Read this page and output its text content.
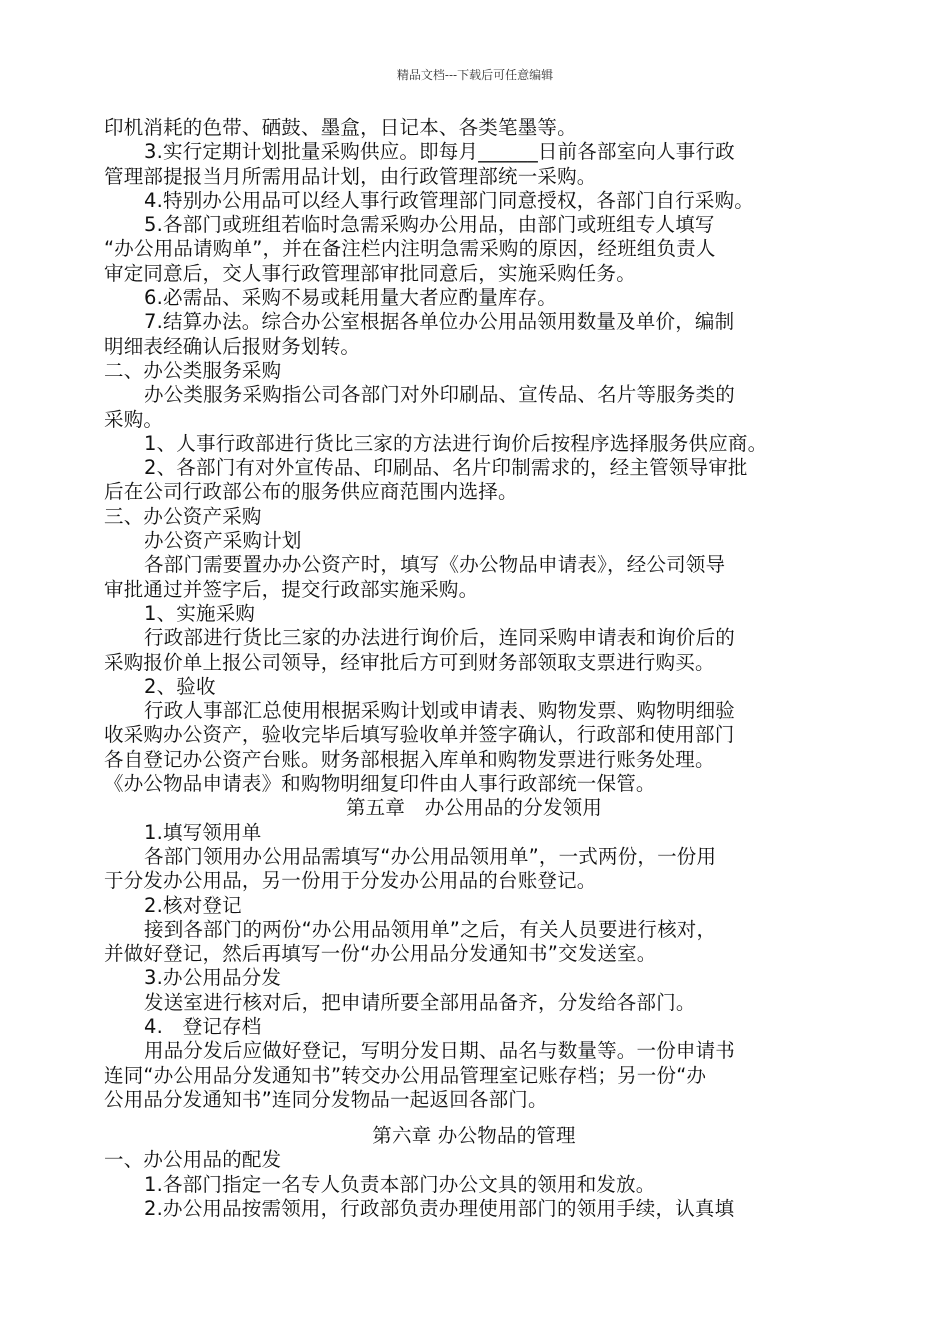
精品文档---下载后可任意编辑
印机消耗的色带、硒鼓、墨盒，日记本、各类笔墨等。
3.实行定期计划批量采购供应。即每月______日前各部室向人事行政
管理部提报当月所需用品计划，由行政管理部统一采购。
4.特别办公用品可以经人事行政管理部门同意授权，各部门自行采购。
5.各部门或班组若临时急需采购办公用品，由部门或班组专人填写
“办公用品请购单”，并在备注栏内注明急需采购的原因，经班组负责人
审定同意后，交人事行政管理部审批同意后，实施采购任务。
6.必需品、采购不易或耗用量大者应酌量库存。
7.结算办法。综合办公室根据各单位办公用品领用数量及单价，编制
明细表经确认后报财务划转。
二、办公类服务采购
办公类服务采购指公司各部门对外印刷品、宣传品、名片等服务类的
采购。
1、人事行政部进行货比三家的方法进行询价后按程序选择服务供应商。
2、各部门有对外宣传品、印刷品、名片印制需求的，经主管领导审批
后在公司行政部公布的服务供应商范围内选择。
三、办公资产采购
办公资产采购计划
各部门需要置办办公资产时，填写《办公物品申请表》，经公司领导
审批通过并签字后，提交行政部实施采购。
1、实施采购
行政部进行货比三家的办法进行询价后，连同采购申请表和询价后的
采购报价单上报公司领导，经审批后方可到财务部领取支票进行购买。
2、验收
行政人事部汇总使用根据采购计划或申请表、购物发票、购物明细验
收采购办公资产，验收完毕后填写验收单并签字确认，行政部和使用部门
各自登记办公资产台账。财务部根据入库单和购物发票进行账务处理。
《办公物品申请表》和购物明细复印件由人事行政部统一保管。
第五章　办公用品的分发领用
1.填写领用单
各部门领用办公用品需填写“办公用品领用单”，一式两份，一份用
于分发办公用品，另一份用于分发办公用品的台账登记。
2.核对登记
接到各部门的两份“办公用品领用单”之后，有关人员要进行核对，
并做好登记，然后再填写一份“办公用品分发通知书”交发送室。
3.办公用品分发
发送室进行核对后，把申请所要全部用品备齐，分发给各部门。
4.　登记存档
用品分发后应做好登记，写明分发日期、品名与数量等。一份申请书
连同“办公用品分发通知书”转交办公用品管理室记账存档；另一份“办
公用品分发通知书”连同分发物品一起返回各部门。
第六章 办公物品的管理
一、办公用品的配发
1.各部门指定一名专人负责本部门办公文具的领用和发放。
2.办公用品按需领用，行政部负责办理使用部门的领用手续，认真填
